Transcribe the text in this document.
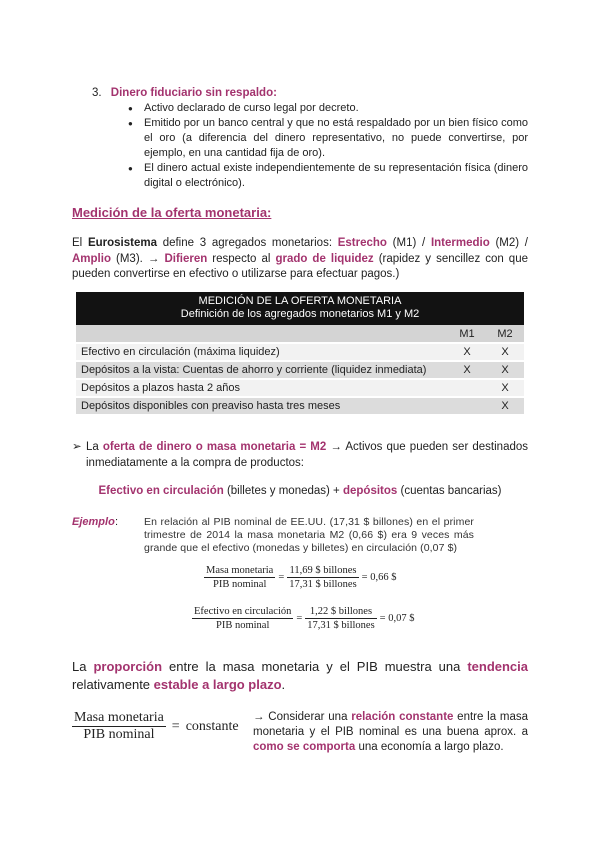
3. Dinero fiduciario sin respaldo:
● Activo declarado de curso legal por decreto.
● Emitido por un banco central y que no está respaldado por un bien físico como el oro (a diferencia del dinero representativo, no puede convertirse, por ejemplo, en una cantidad fija de oro).
● El dinero actual existe independientemente de su representación física (dinero digital o electrónico).
Medición de la oferta monetaria:
El Eurosistema define 3 agregados monetarios: Estrecho (M1) / Intermedio (M2) / Amplio (M3). → Difieren respecto al grado de liquidez (rapidez y sencillez con que pueden convertirse en efectivo o utilizarse para efectuar pagos.)
MEDICIÓN DE LA OFERTA MONETARIA
Definición de los agregados monetarios M1 y M2		

	M1	M2
Efectivo en circulación (máxima liquidez)	X	X
Depósitos a la vista: Cuentas de ahorro y corriente (liquidez inmediata)	X	X
Depósitos a plazos hasta 2 años		X
Depósitos disponibles con preaviso hasta tres meses		X
➢ La oferta de dinero o masa monetaria = M2 → Activos que pueden ser destinados inmediatamente a la compra de productos:
Efectivo en circulación (billetes y monedas) + depósitos (cuentas bancarias)
Ejemplo : En relación al PIB nominal de EE.UU. (17,31 $ billones) en el primer trimestre de 2014 la masa monetaria M2 (0,66 $) era 9 veces más grande que el efectivo (monedas y billetes) en circulación (0,07 $)
Masa monetaria
PIB nominal
=
11,69 $ billones
17,31 $ billones
= 0,66 $
Efectivo en circulación
PIB nominal
=
1,22 $ billones
17,31 $ billones
= 0,07 $
La proporción entre la masa monetaria y el PIB muestra una tendencia relativamente estable a largo plazo.
Masa monetaria
PIB nominal
= constante
→ Considerar una relación constante entre la masa monetaria y el PIB nominal es una buena aprox. a como se comporta una economía a largo plazo.
